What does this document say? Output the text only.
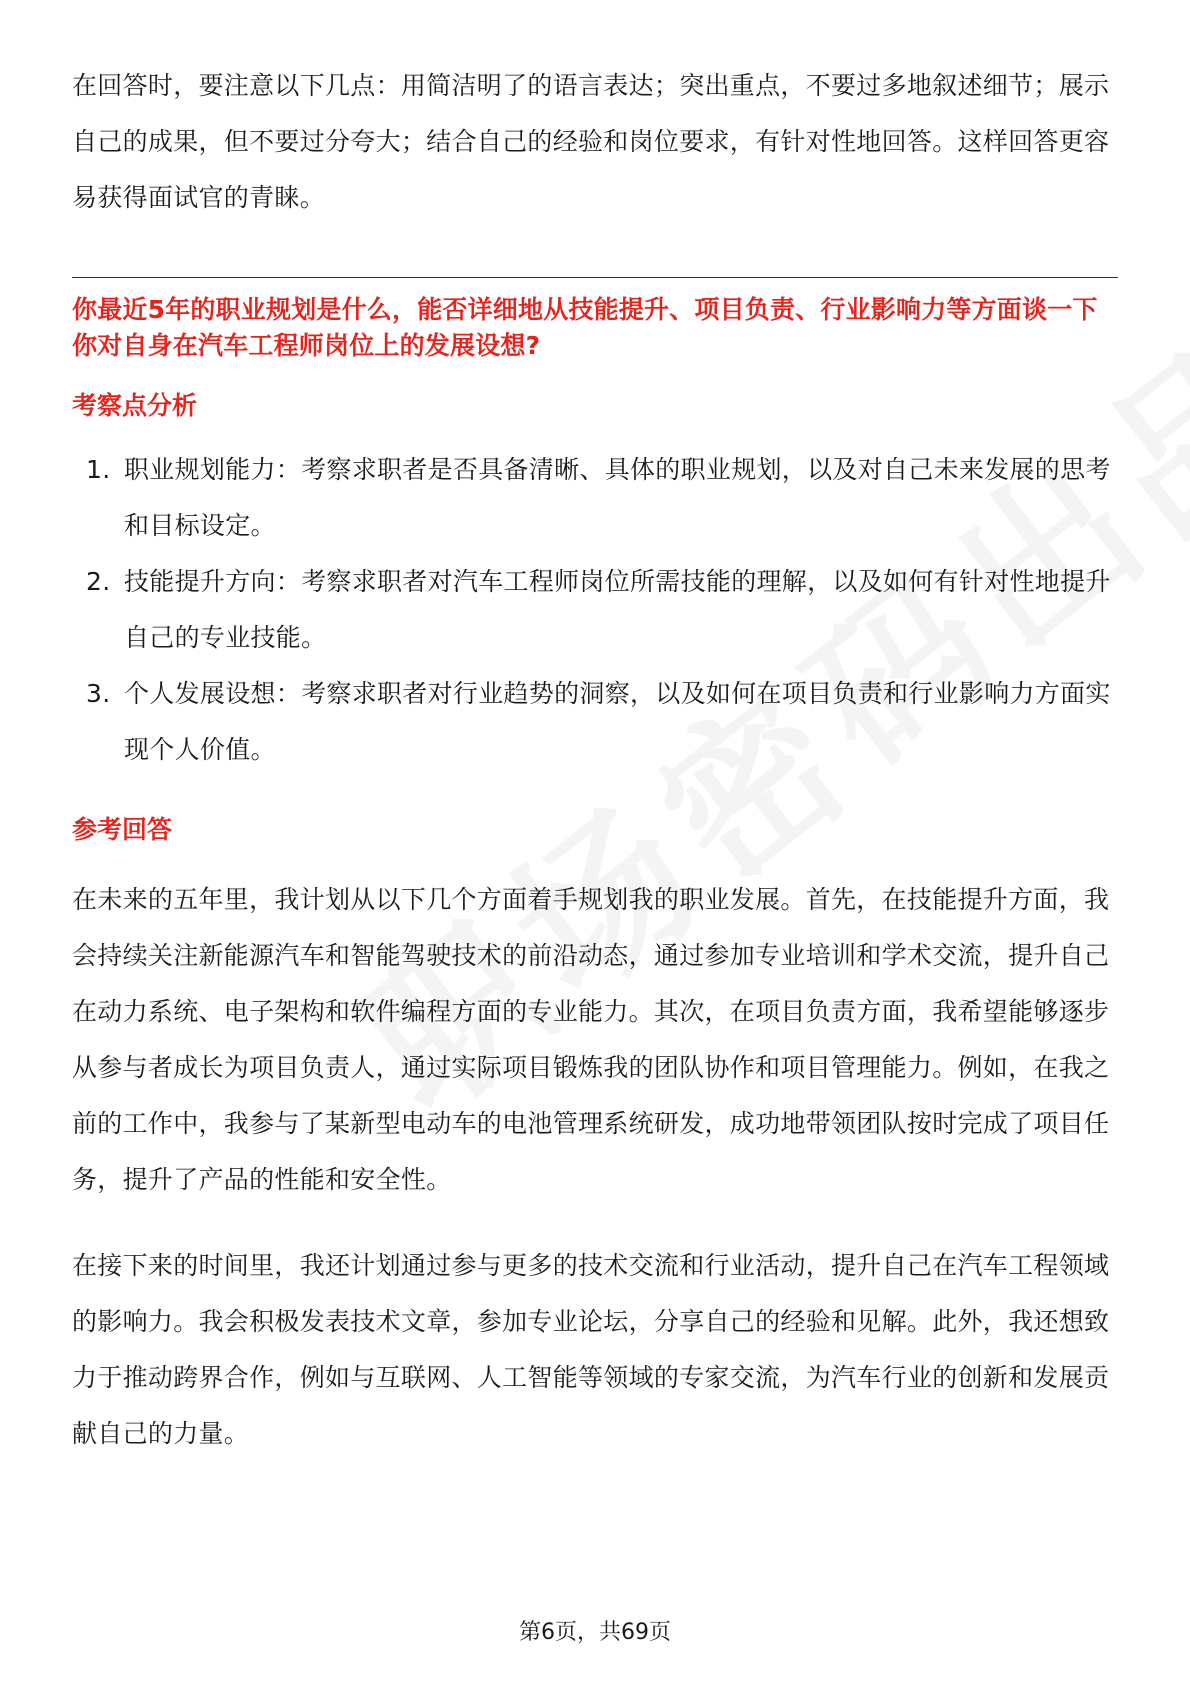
在回答时，要注意以下几点：用简洁明了的语言表达；突出重点，不要过多地叙述细节；展示自己的成果，但不要过分夸大；结合自己的经验和岗位要求，有针对性地回答。这样回答更容易获得面试官的青睐。

你最近5年的职业规划是什么，能否详细地从技能提升、项目负责、行业影响力等方面谈一下你对自身在汽车工程师岗位上的发展设想?

考察点分析
1. 职业规划能力：考察求职者是否具备清晰、具体的职业规划，以及对自己未来发展的思考和目标设定。
2. 技能提升方向：考察求职者对汽车工程师岗位所需技能的理解，以及如何有针对性地提升自己的专业技能。
3. 个人发展设想：考察求职者对行业趋势的洞察，以及如何在项目负责和行业影响力方面实现个人价值。
参考回答

在未来的五年里，我计划从以下几个方面着手规划我的职业发展。首先，在技能提升方面，我会持续关注新能源汽车和智能驾驶技术的前沿动态，通过参加专业培训和学术交流，提升自己在动力系统、电子架构和软件编程方面的专业能力。其次，在项目负责方面，我希望能够逐步从参与者成长为项目负责人，通过实际项目锻炼我的团队协作和项目管理能力。例如，在我之前的工作中，我参与了某新型电动车的电池管理系统研发，成功地带领团队按时完成了项目任务，提升了产品的性能和安全性。

在接下来的时间里，我还计划通过参与更多的技术交流和行业活动，提升自己在汽车工程领域的影响力。我会积极发表技术文章，参加专业论坛，分享自己的经验和见解。此外，我还想致力于推动跨界合作，例如与互联网、人工智能等领域的专家交流，为汽车行业的创新和发展贡献自己的力量。

第6页，共69页
